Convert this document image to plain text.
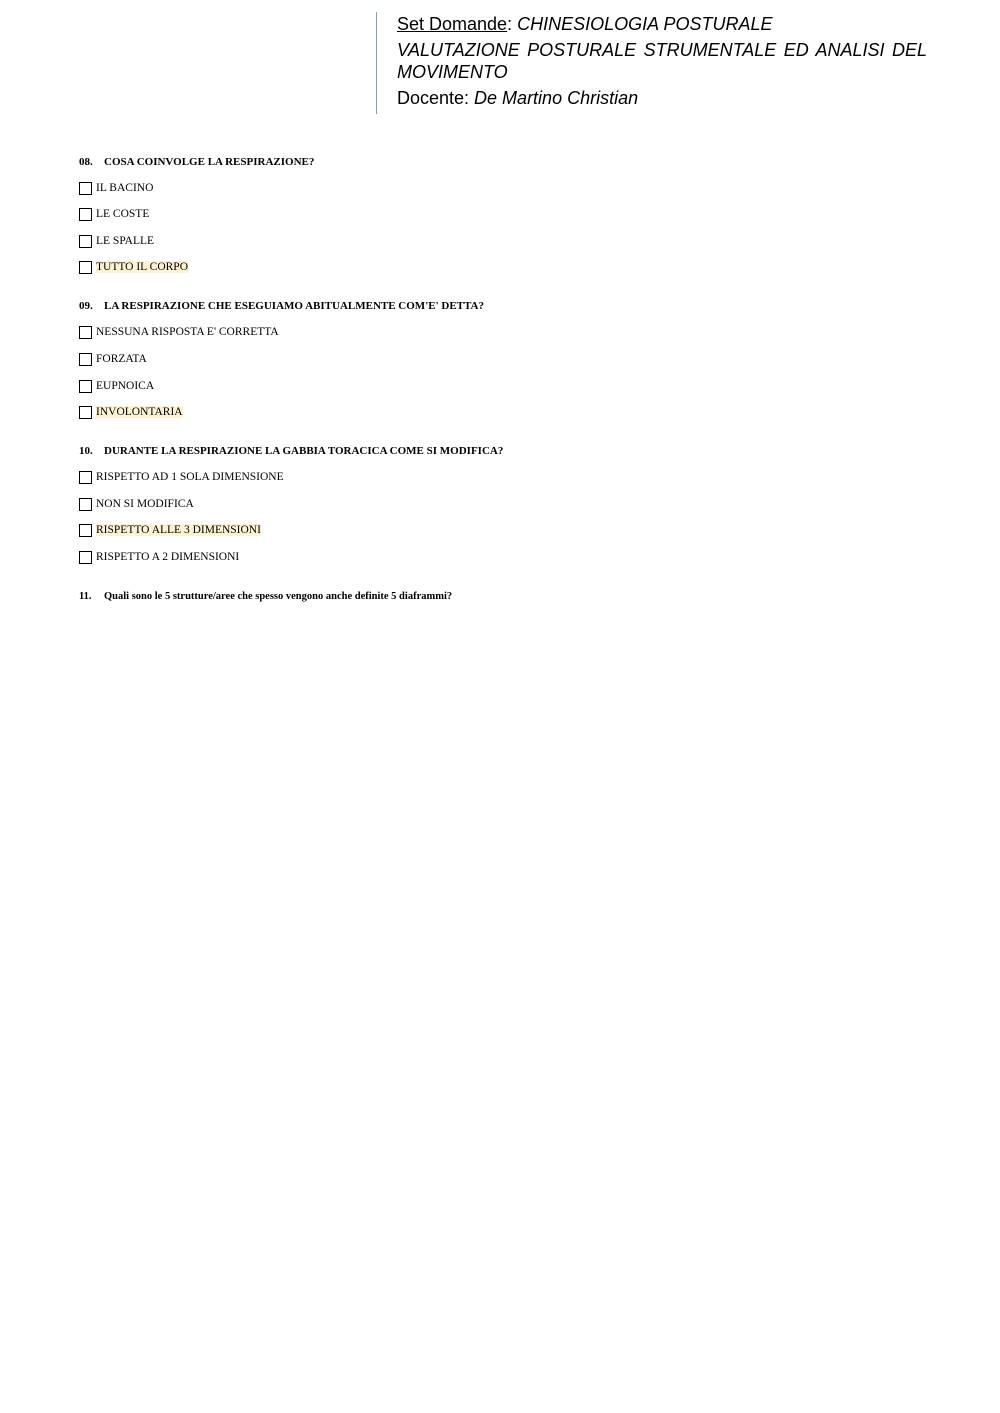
Set Domande: CHINESIOLOGIA POSTURALE
VALUTAZIONE POSTURALE STRUMENTALE ED ANALISI DEL MOVIMENTO
Docente: De Martino Christian
08. COSA COINVOLGE LA RESPIRAZIONE?
IL BACINO
LE COSTE
LE SPALLE
TUTTO IL CORPO
09. LA RESPIRAZIONE CHE ESEGUIAMO ABITUALMENTE COM'E' DETTA?
NESSUNA RISPOSTA E' CORRETTA
FORZATA
EUPNOICA
INVOLONTARIA
10. DURANTE LA RESPIRAZIONE LA GABBIA TORACICA COME SI MODIFICA?
RISPETTO AD 1 SOLA DIMENSIONE
NON SI MODIFICA
RISPETTO ALLE 3 DIMENSIONI
RISPETTO A 2 DIMENSIONI
11. Quali sono le 5 strutture/aree che spesso vengono anche definite 5 diaframmi?
